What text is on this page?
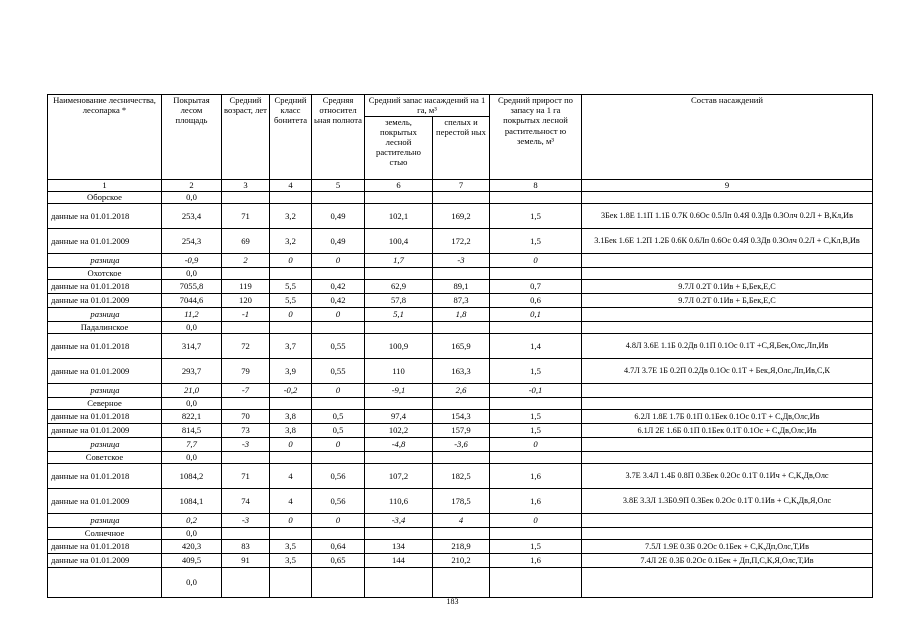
Наименование лесничества, лесопарка *	Покрытая лесом площадь	Средний возраст, лет	Средний класс бонитета	Средняя относител ьная полнота	Средний запас насаждений на 1 га, м³		Средний прирост по запасу на 1 га покрытых лесной растительност ю земель, м³	Состав насаждений
					земель, покрытых лесной растительно стью	спелых и перестой ных		
1	2	3	4	5	6	7	8	9
Оборское	0,0							
данные на 01.01.2018	253,4	71	3,2	0,49	102,1	169,2	1,5	3Бек 1.8Е 1.1П 1.1Б 0.7К 0.6Ос 0.5Лп 0.4Я 0.3Дв 0.3Олч 0.2Л + В,Кл,Ив
данные на 01.01.2009	254,3	69	3,2	0,49	100,4	172,2	1,5	3.1Бек 1.6Е 1.2П 1.2Б 0.6К 0.6Лп 0.6Ос 0.4Я 0.3Дв 0.3Олч 0.2Л + С,Кл,В,Ив
разница	-0,9	2	0	0	1,7	-3	0	
Охотское	0,0							
данные на 01.01.2018	7055,8	119	5,5	0,42	62,9	89,1	0,7	9.7Л 0.2Т 0.1Ив + Б,Бек,Е,С
данные на 01.01.2009	7044,6	120	5,5	0,42	57,8	87,3	0,6	9.7Л 0.2Т 0.1Ив + Б,Бек,Е,С
разница	11,2	-1	0	0	5,1	1,8	0,1	
Падалинское	0,0							
данные на 01.01.2018	314,7	72	3,7	0,55	100,9	165,9	1,4	4.8Л 3.6Е 1.1Б 0.2Дв 0.1П 0.1Ос 0.1Т +С,Я,Бек,Олс,Лп,Ив
данные на 01.01.2009	293,7	79	3,9	0,55	110	163,3	1,5	4.7Л 3.7Е 1Б 0.2П 0.2Дв 0.1Ос 0.1Т + Бек,Я,Олс,Лп,Ив,С,К
разница	21,0	-7	-0,2	0	-9,1	2,6	-0,1	
Северное	0,0							
данные на 01.01.2018	822,1	70	3,8	0,5	97,4	154,3	1,5	6.2Л 1.8Е 1.7Б 0.1П 0.1Бек 0.1Ос 0.1Т + С,Дв,Олс,Ив
данные на 01.01.2009	814,5	73	3,8	0,5	102,2	157,9	1,5	6.1Л 2Е 1.6Б 0.1П 0.1Бек 0.1Т 0.1Ос + С,Дв,Олс,Ив
разница	7,7	-3	0	0	-4,8	-3,6	0	
Советское	0,0							
данные на 01.01.2018	1084,2	71	4	0,56	107,2	182,5	1,6	3.7Е 3.4Л 1.4Б 0.8П 0.3Бек 0.2Ос 0.1Т 0.1Ич + С,К,Дв,Олс
данные на 01.01.2009	1084,1	74	4	0,56	110,6	178,5	1,6	3.8Е 3.3Л 1.3Б0.9П 0.3Бек 0.2Ос 0.1Т 0.1Ив + С,К,Дв,Я,Олс
разница	0,2	-3	0	0	-3,4	4	0	
Солнечное	0,0							
данные на 01.01.2018	420,3	83	3,5	0,64	134	218,9	1,5	7.5Л 1.9Е 0.3Б 0.2Ос 0.1Бек + С,К,Дп,Олс,Т,Ив
данные на 01.01.2009	409,5	91	3,5	0,65	144	210,2	1,6	7.4Л 2Е 0.3Б 0.2Ос 0.1Бек + Дп,П,С,К,Я,Олс,Т,Ив
	0,0							
183
